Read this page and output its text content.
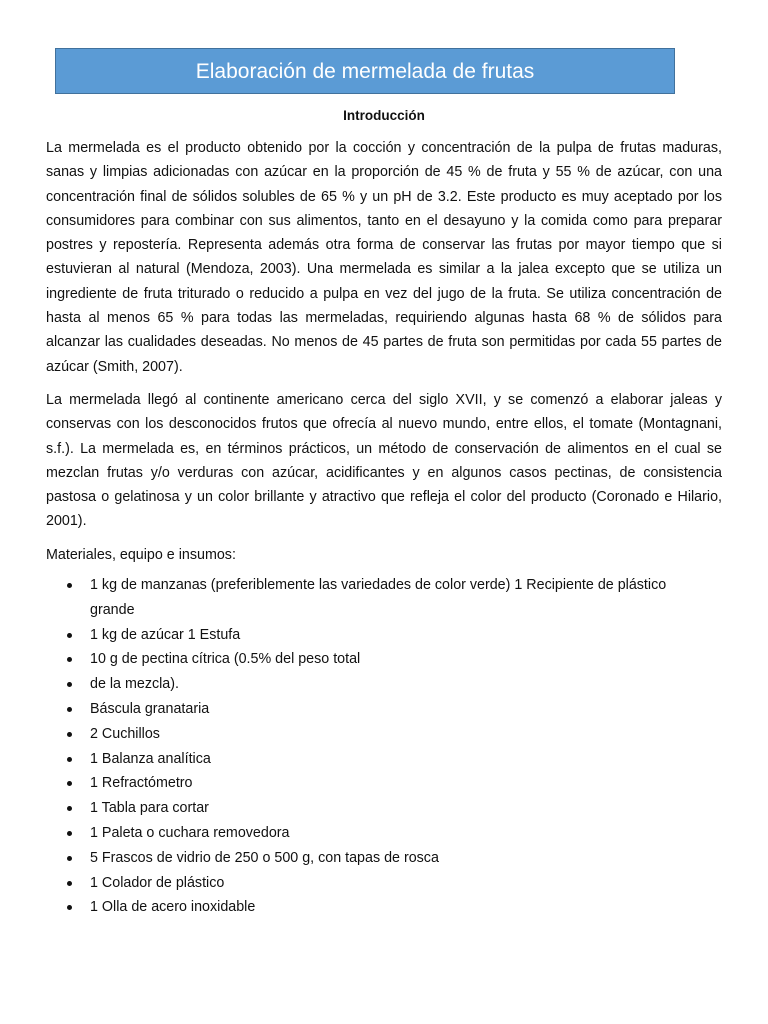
Elaboración de mermelada de frutas
Introducción

La mermelada es el producto obtenido por la cocción y concentración de la pulpa de frutas maduras, sanas y limpias adicionadas con azúcar en la proporción de 45 % de fruta y 55 % de azúcar, con una concentración final de sólidos solubles de 65 % y un pH de 3.2. Este producto es muy aceptado por los consumidores para combinar con sus alimentos, tanto en el desayuno y la comida como para preparar postres y repostería. Representa además otra forma de conservar las frutas por mayor tiempo que si estuvieran al natural (Mendoza, 2003). Una mermelada es similar a la jalea excepto que se utiliza un ingrediente de fruta triturado o reducido a pulpa en vez del jugo de la fruta. Se utiliza concentración de hasta al menos 65 % para todas las mermeladas, requiriendo algunas hasta 68 % de sólidos para alcanzar las cualidades deseadas. No menos de 45 partes de fruta son permitidas por cada 55 partes de azúcar (Smith, 2007).

La mermelada llegó al continente americano cerca del siglo XVII, y se comenzó a elaborar jaleas y conservas con los desconocidos frutos que ofrecía al nuevo mundo, entre ellos, el tomate (Montagnani, s.f.). La mermelada es, en términos prácticos, un método de conservación de alimentos en el cual se mezclan frutas y/o verduras con azúcar, acidificantes y en algunos casos pectinas, de consistencia pastosa o gelatinosa y un color brillante y atractivo que refleja el color del producto (Coronado e Hilario, 2001).

Materiales, equipo e insumos:

1 kg de manzanas (preferiblemente las variedades de color verde) 1 Recipiente de plástico grande
1 kg de azúcar 1 Estufa
10 g de pectina cítrica (0.5% del peso total
de la mezcla).
Báscula granataria
2 Cuchillos
1 Balanza analítica
1 Refractómetro
1 Tabla para cortar
1 Paleta o cuchara removedora
5 Frascos de vidrio de 250 o 500 g, con tapas de rosca
1 Colador de plástico
1 Olla de acero inoxidable
